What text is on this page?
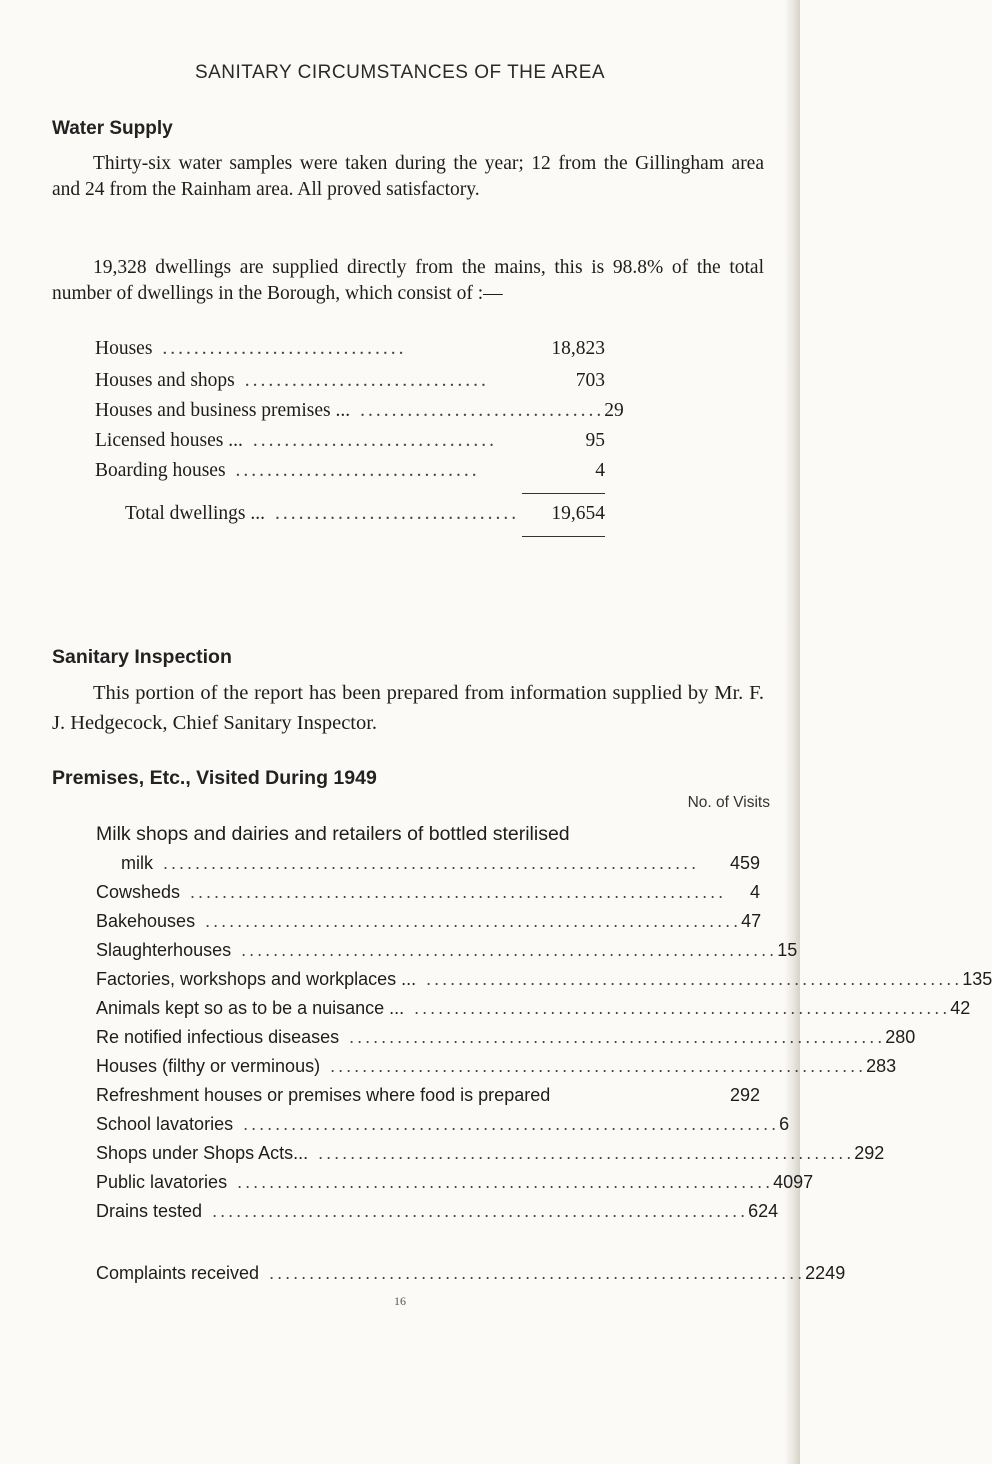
SANITARY CIRCUMSTANCES OF THE AREA
Water Supply
Thirty-six water samples were taken during the year; 12 from the Gillingham area and 24 from the Rainham area. All proved satisfactory.
19,328 dwellings are supplied directly from the mains, this is 98.8% of the total number of dwellings in the Borough, which consist of :—
Houses ...............................	18,823
Houses and shops ...............................	703
Houses and business premises ... ............................... 29
Licensed houses ... ...............................	95
Boarding houses ...............................	4
Total dwellings ... ...............................	19,654
Sanitary Inspection
This portion of the report has been prepared from information supplied by Mr. F. J. Hedgecock, Chief Sanitary Inspector.
Premises, Etc., Visited During 1949
No. of Visits
Milk shops and dairies and retailers of bottled sterilised
milk ...................................................................	459
Cowsheds ...................................................................	4
Bakehouses ................................................................... 47
Slaughterhouses ................................................................... 15
Factories, workshops and workplaces ... ................................................................... 135
Animals kept so as to be a nuisance ... ................................................................... 42
Re notified infectious diseases ................................................................... 280
Houses (filthy or verminous) ................................................................... 283
Refreshment houses or premises where food is prepared	292
School lavatories ................................................................... 6
Shops under Shops Acts... ................................................................... 292
Public lavatories ................................................................... 4097
Drains tested ................................................................... 624
Complaints received ................................................................... 2249
16
